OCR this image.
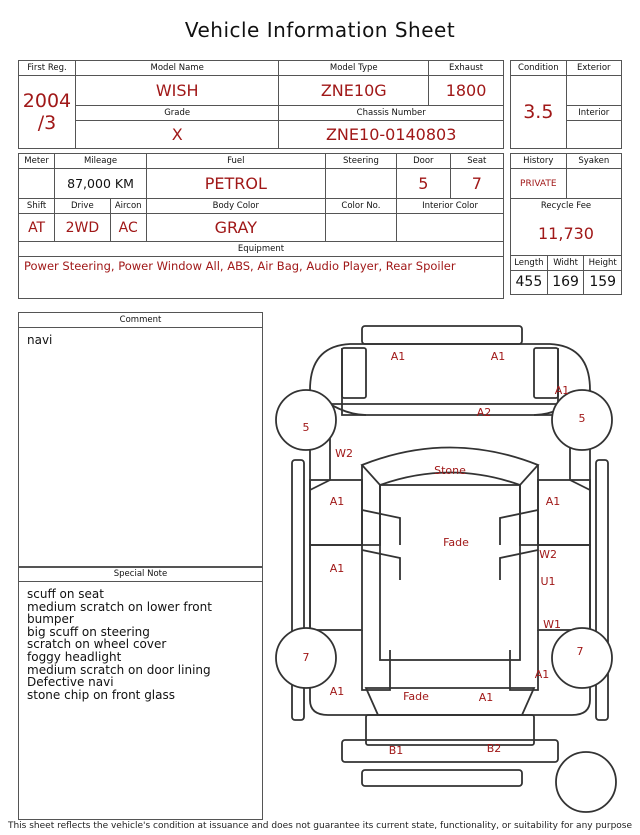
Vehicle Information Sheet
First Reg.	Model Name	Model Type	Exhaust

2004
/3	WISH	ZNE10G	1800
	Grade	Chassis Number	
	X	ZNE10-0140803	
Condition	Exterior
3.5	
	Interior

Meter	Mileage		Fuel	Steering	Door	Seat
	87,000 KM		PETROL		5	7
Shift	Drive	Aircon	Body Color	Color No.	Interior Color	
AT	2WD	AC	GRAY			
Equipment						
Power Steering, Power Window All, ABS, Air Bag, Audio Player, Rear Spoiler						
History		Syaken	
PRIVATE			
Recycle Fee			
11,730			
Length	Widht		Height
455	169		159
Comment
navi
Special Note
scuff on seat
medium scratch on lower front bumper
big scuff on steering
scratch on wheel cover
foggy headlight
medium scratch on door lining
Defective navi
stone chip on front glass
A1	A1
A2
A1
5
5
W2
Stone
A1	A1
Fade
A1
W2
U1
W1
7	7
A1
A1
Fade	A1
B1	B2
This sheet reflects the vehicle's condition at issuance and does not guarantee its current state, functionality, or suitability for any purpose
